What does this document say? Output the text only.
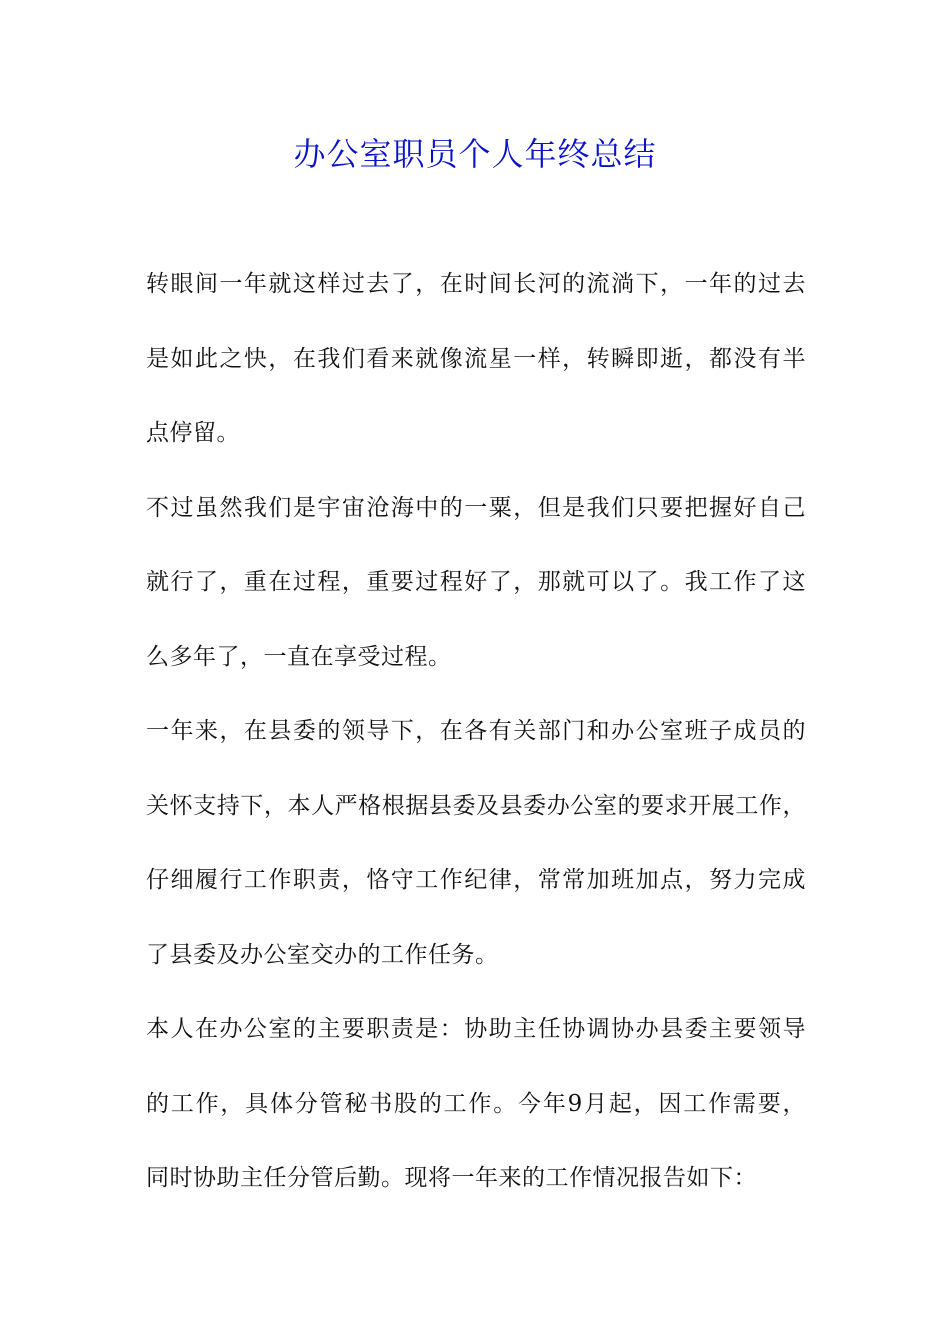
办公室职员个人年终总结
转眼间一年就这样过去了，在时间长河的流淌下，一年的过去
是如此之快，在我们看来就像流星一样，转瞬即逝，都没有半
点停留。
不过虽然我们是宇宙沧海中的一粟，但是我们只要把握好自己
就行了，重在过程，重要过程好了，那就可以了。我工作了这
么多年了，一直在享受过程。
一年来，在县委的领导下，在各有关部门和办公室班子成员的
关怀支持下，本人严格根据县委及县委办公室的要求开展工作，
仔细履行工作职责，恪守工作纪律，常常加班加点，努力完成
了县委及办公室交办的工作任务。
本人在办公室的主要职责是：协助主任协调协办县委主要领导
的工作，具体分管秘书股的工作。今年9月起，因工作需要，
同时协助主任分管后勤。现将一年来的工作情况报告如下：
